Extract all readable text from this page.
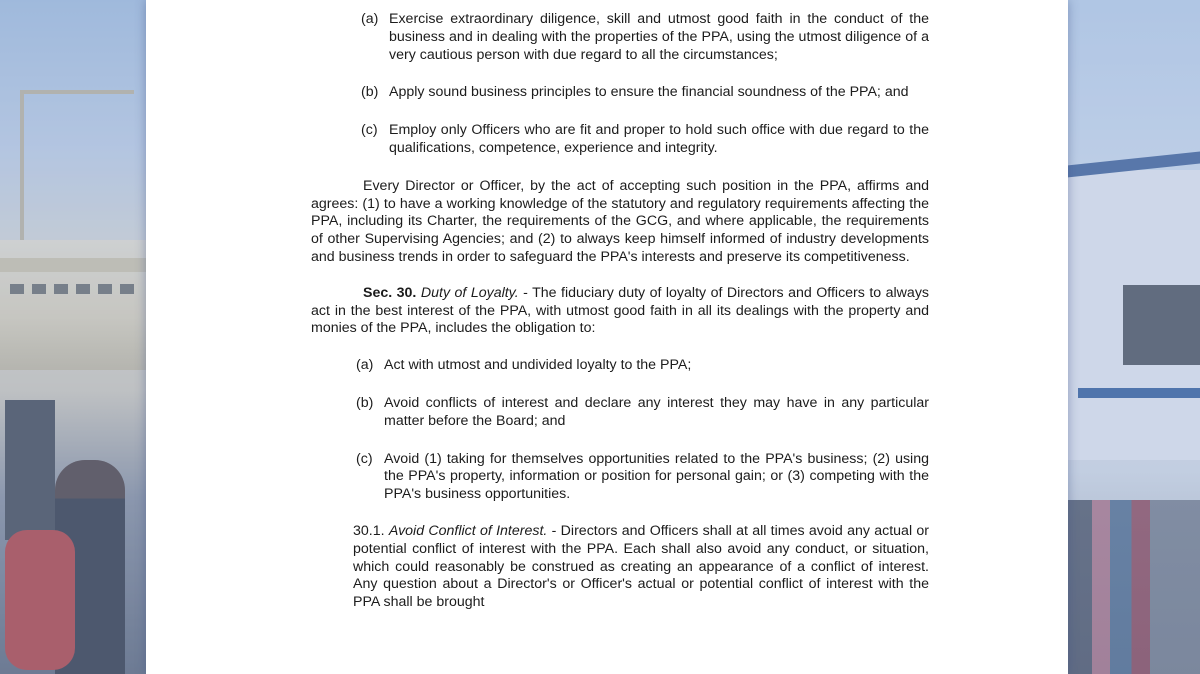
(a) Exercise extraordinary diligence, skill and utmost good faith in the conduct of the business and in dealing with the properties of the PPA, using the utmost diligence of a very cautious person with due regard to all the circumstances;
(b) Apply sound business principles to ensure the financial soundness of the PPA; and
(c) Employ only Officers who are fit and proper to hold such office with due regard to the qualifications, competence, experience and integrity.

Every Director or Officer, by the act of accepting such position in the PPA, affirms and agrees: (1) to have a working knowledge of the statutory and regulatory requirements affecting the PPA, including its Charter, the requirements of the GCG, and where applicable, the requirements of other Supervising Agencies; and (2) to always keep himself informed of industry developments and business trends in order to safeguard the PPA's interests and preserve its competitiveness.

Sec. 30. Duty of Loyalty. - The fiduciary duty of loyalty of Directors and Officers to always act in the best interest of the PPA, with utmost good faith in all its dealings with the property and monies of the PPA, includes the obligation to:

(a) Act with utmost and undivided loyalty to the PPA;
(b) Avoid conflicts of interest and declare any interest they may have in any particular matter before the Board; and
(c) Avoid (1) taking for themselves opportunities related to the PPA's business; (2) using the PPA's property, information or position for personal gain; or (3) competing with the PPA's business opportunities.

30.1. Avoid Conflict of Interest. - Directors and Officers shall at all times avoid any actual or potential conflict of interest with the PPA. Each shall also avoid any conduct, or situation, which could reasonably be construed as creating an appearance of a conflict of interest. Any question about a Director's or Officer's actual or potential conflict of interest with the PPA shall be brought
